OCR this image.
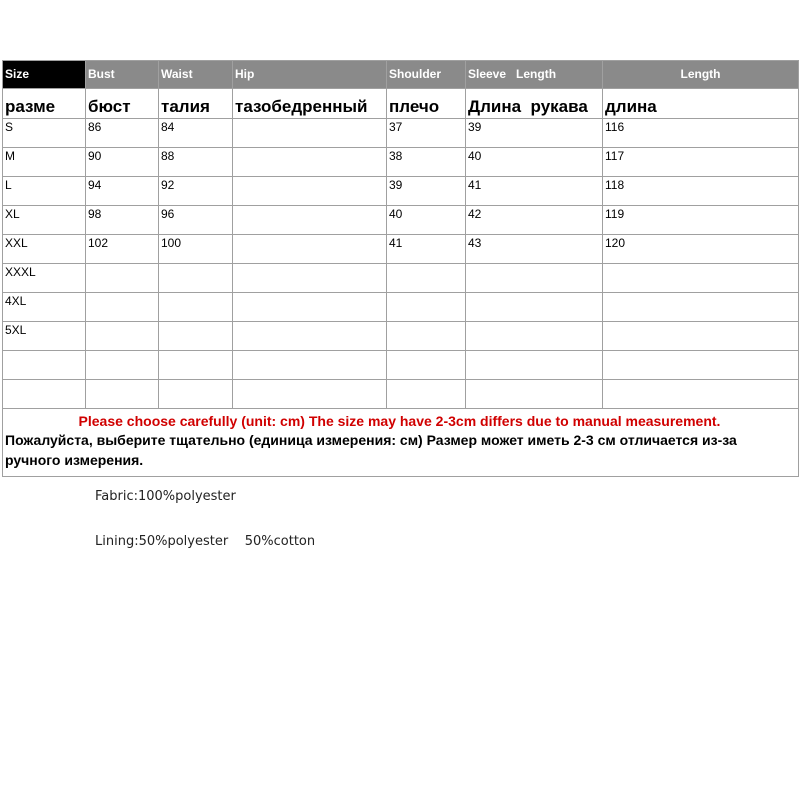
Size	Bust	Waist	Hip	Shoulder	Sleeve   Length	Length
разме	бюст	талия	тазобедренный	плечо	Длина  рукава	длина
S	86	84		37	39	116
M	90	88		38	40	117
L	94	92		39	41	118
XL	98	96		40	42	119
XXL	102	100		41	43	120
XXXL						
4XL						
5XL						

Please choose carefully (unit: cm) The size may have 2-3cm differs due to manual measurement.
Пожалуйста, выберите тщательно (единица измерения: см) Размер может иметь 2-3 см отличается из-за ручного измерения.						
Fabric:100%polyester
Lining:50%polyester    50%cotton
